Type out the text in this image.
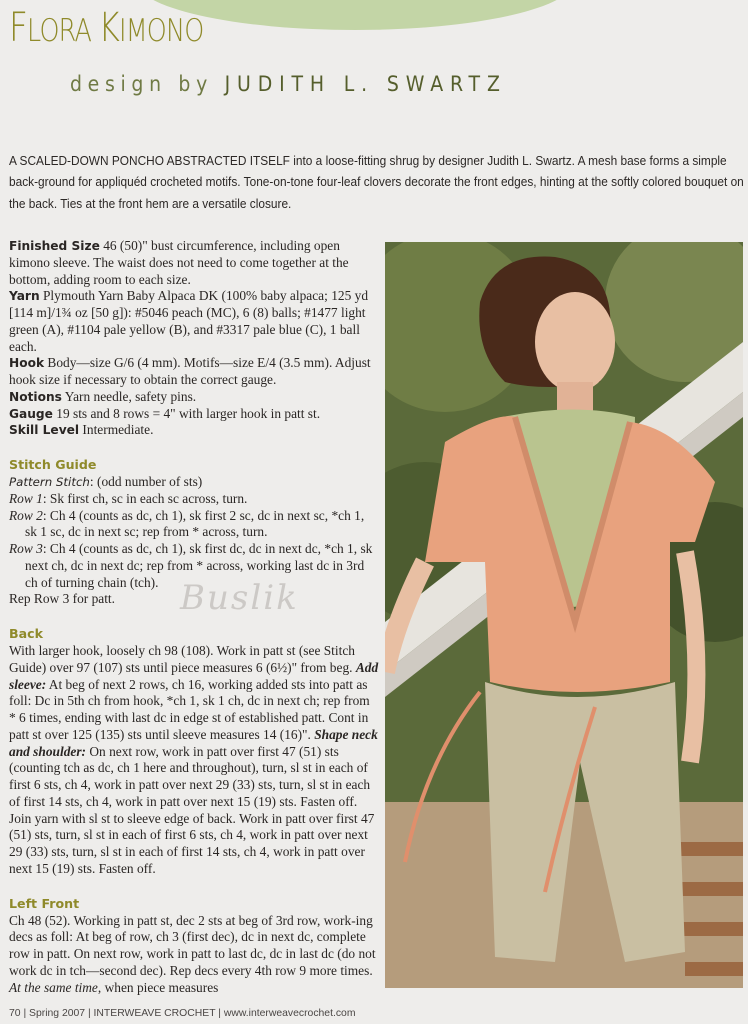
FLORA KIMONO
design by JUDITH L. SWARTZ
A SCALED-DOWN PONCHO ABSTRACTED ITSELF into a loose-fitting shrug by designer Judith L. Swartz. A mesh base forms a simple back-ground for appliquéd crocheted motifs. Tone-on-tone four-leaf clovers decorate the front edges, hinting at the softly colored bouquet on the back. Ties at the front hem are a versatile closure.

Finished Size 46 (50)" bust circumference, including open kimono sleeve. The waist does not need to come together at the bottom, adding room to each size.

Yarn Plymouth Yarn Baby Alpaca DK (100% baby alpaca; 125 yd [114 m]/1¾ oz [50 g]): #5046 peach (MC), 6 (8) balls; #1477 light green (A), #1104 pale yellow (B), and #3317 pale blue (C), 1 ball each.

Hook Body—size G/6 (4 mm). Motifs—size E/4 (3.5 mm). Adjust hook size if necessary to obtain the correct gauge.

Notions Yarn needle, safety pins.

Gauge 19 sts and 8 rows = 4" with larger hook in patt st.

Skill Level Intermediate.

Stitch Guide

Pattern Stitch: (odd number of sts)

Row 1: Sk first ch, sc in each sc across, turn.

Row 2: Ch 4 (counts as dc, ch 1), sk first 2 sc, dc in next sc, *ch 1, sk 1 sc, dc in next sc; rep from * across, turn.

Row 3: Ch 4 (counts as dc, ch 1), sk first dc, dc in next dc, *ch 1, sk next ch, dc in next dc; rep from * across, working last dc in 3rd ch of turning chain (tch).

Rep Row 3 for patt.

Back

With larger hook, loosely ch 98 (108). Work in patt st (see Stitch Guide) over 97 (107) sts until piece measures 6 (6½)" from beg. Add sleeve: At beg of next 2 rows, ch 16, working added sts into patt as foll: Dc in 5th ch from hook, *ch 1, sk 1 ch, dc in next ch; rep from * 6 times, ending with last dc in edge st of established patt. Cont in patt st over 125 (135) sts until sleeve measures 14 (16)". Shape neck and shoulder: On next row, work in patt over first 47 (51) sts (counting tch as dc, ch 1 here and throughout), turn, sl st in each of first 6 sts, ch 4, work in patt over next 29 (33) sts, turn, sl st in each of first 14 sts, ch 4, work in patt over next 15 (19) sts. Fasten off. Join yarn with sl st to sleeve edge of back. Work in patt over first 47 (51) sts, turn, sl st in each of first 6 sts, ch 4, work in patt over next 29 (33) sts, turn, sl st in each of first 14 sts, ch 4, work in patt over next 15 (19) sts. Fasten off.

Left Front

Ch 48 (52). Working in patt st, dec 2 sts at beg of 3rd row, work-ing decs as foll: At beg of row, ch 3 (first dec), dc in next dc, complete row in patt. On next row, work in patt to last dc, dc in last dc (do not work dc in tch—second dec). Rep decs every 4th row 9 more times. At the same time, when piece measures

Buslik
70 | Spring 2007 | INTERWEAVE CROCHET | www.interweavecrochet.com
